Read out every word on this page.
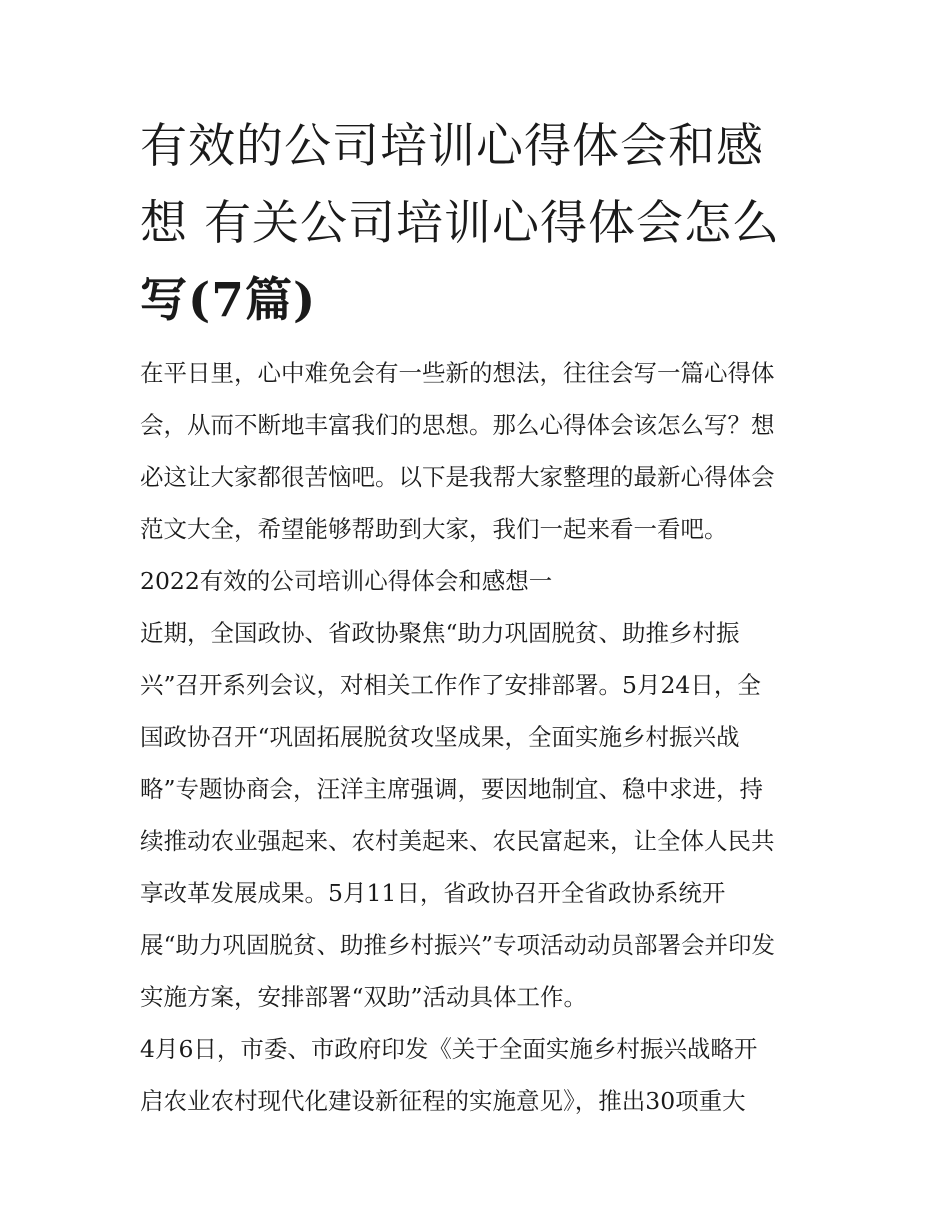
有效的公司培训心得体会和感
想 有关公司培训心得体会怎么
写(7篇)

在平日里，心中难免会有一些新的想法，往往会写一篇心得体
会，从而不断地丰富我们的思想。那么心得体会该怎么写？想
必这让大家都很苦恼吧。以下是我帮大家整理的最新心得体会
范文大全，希望能够帮助到大家，我们一起来看一看吧。

2022有效的公司培训心得体会和感想一

近期，全国政协、省政协聚焦“助力巩固脱贫、助推乡村振
兴”召开系列会议，对相关工作作了安排部署。5月24日，全
国政协召开“巩固拓展脱贫攻坚成果，全面实施乡村振兴战
略”专题协商会，汪洋主席强调，要因地制宜、稳中求进，持
续推动农业强起来、农村美起来、农民富起来，让全体人民共
享改革发展成果。5月11日，省政协召开全省政协系统开
展“助力巩固脱贫、助推乡村振兴”专项活动动员部署会并印发
实施方案，安排部署“双助”活动具体工作。

4月6日，市委、市政府印发《关于全面实施乡村振兴战略开
启农业农村现代化建设新征程的实施意见》，推出30项重大
